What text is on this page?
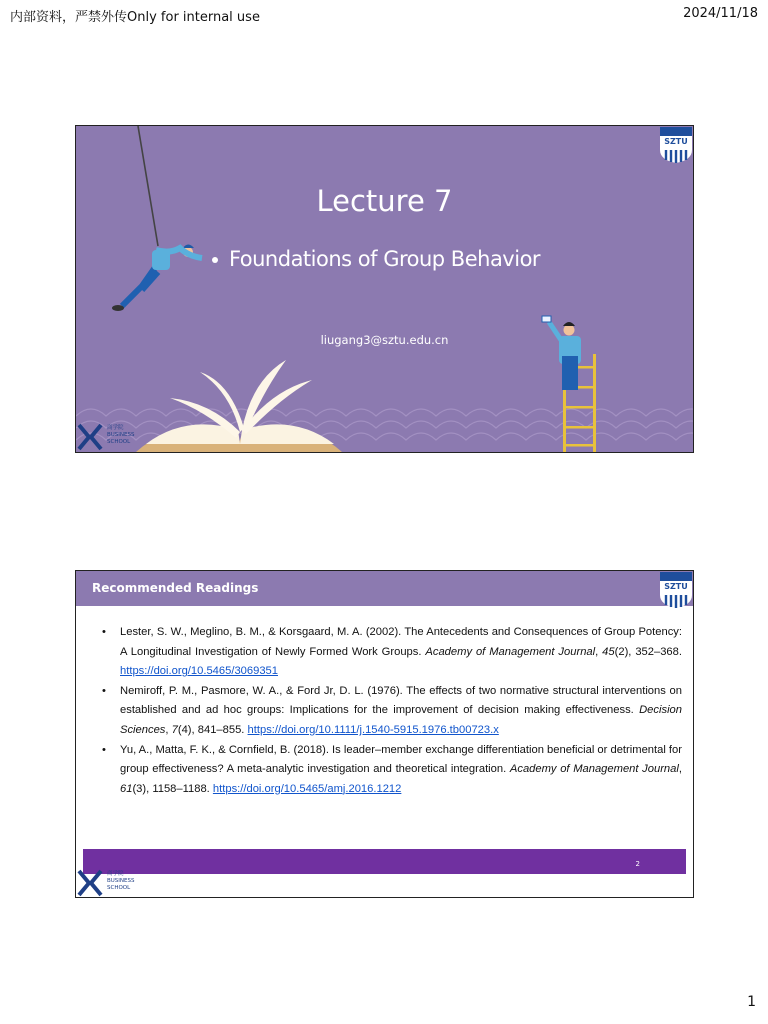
内部资料，严禁外传Only for internal use	2024/11/18
Lecture 7
Foundations of Group Behavior
liugang3@sztu.edu.cn
SZTU
商学院
BUSINESS
SCHOOL
Recommended Readings	SZTU
• Lester, S. W., Meglino, B. M., & Korsgaard, M. A. (2002). The Antecedents and Consequences of Group Potency: A Longitudinal Investigation of Newly Formed Work Groups. Academy of Management Journal, 45(2), 352–368. https://doi.org/10.5465/3069351
• Nemiroff, P. M., Pasmore, W. A., & Ford Jr, D. L. (1976). The effects of two normative structural interventions on established and ad hoc groups: Implications for the improvement of decision making effectiveness. Decision Sciences, 7(4), 841–855. https://doi.org/10.1111/j.1540-5915.1976.tb00723.x
• Yu, A., Matta, F. K., & Cornfield, B. (2018). Is leader–member exchange differentiation beneficial or detrimental for group effectiveness? A meta-analytic investigation and theoretical integration. Academy of Management Journal, 61(3), 1158–1188. https://doi.org/10.5465/amj.2016.1212
2
商学院
BUSINESS
SCHOOL
1
